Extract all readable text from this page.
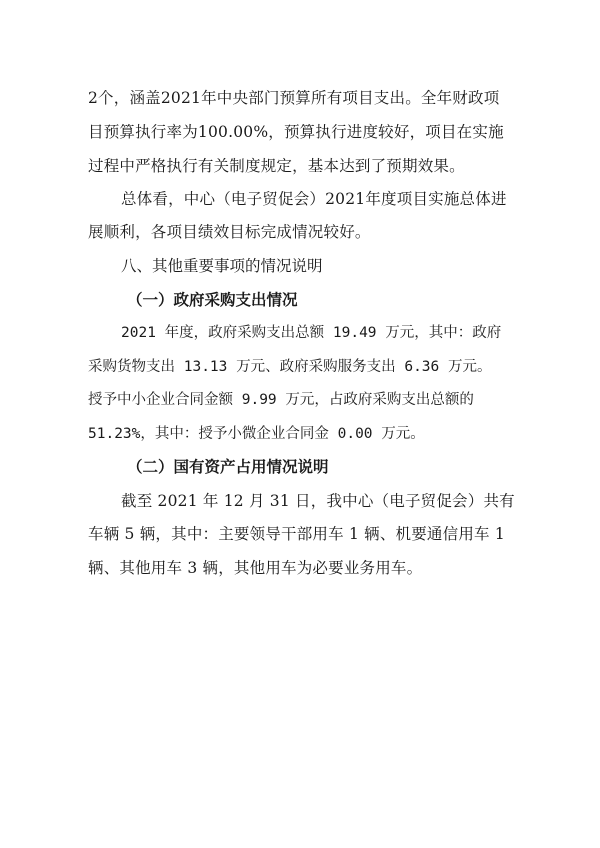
2个，涵盖2021年中央部门预算所有项目支出。全年财政项
目预算执行率为100.00%，预算执行进度较好，项目在实施
过程中严格执行有关制度规定，基本达到了预期效果。
总体看，中心（电子贸促会）2021年度项目实施总体进
展顺利，各项目绩效目标完成情况较好。
八、其他重要事项的情况说明
（一）政府采购支出情况
2021 年度，政府采购支出总额 19.49 万元，其中：政府
采购货物支出 13.13 万元、政府采购服务支出 6.36 万元。
授予中小企业合同金额 9.99 万元，占政府采购支出总额的
51.23%，其中：授予小微企业合同金 0.00 万元。
（二）国有资产占用情况说明
截至 2021 年 12 月 31 日，我中心（电子贸促会）共有
车辆 5 辆，其中：主要领导干部用车 1 辆、机要通信用车 1
辆、其他用车 3 辆，其他用车为必要业务用车。
